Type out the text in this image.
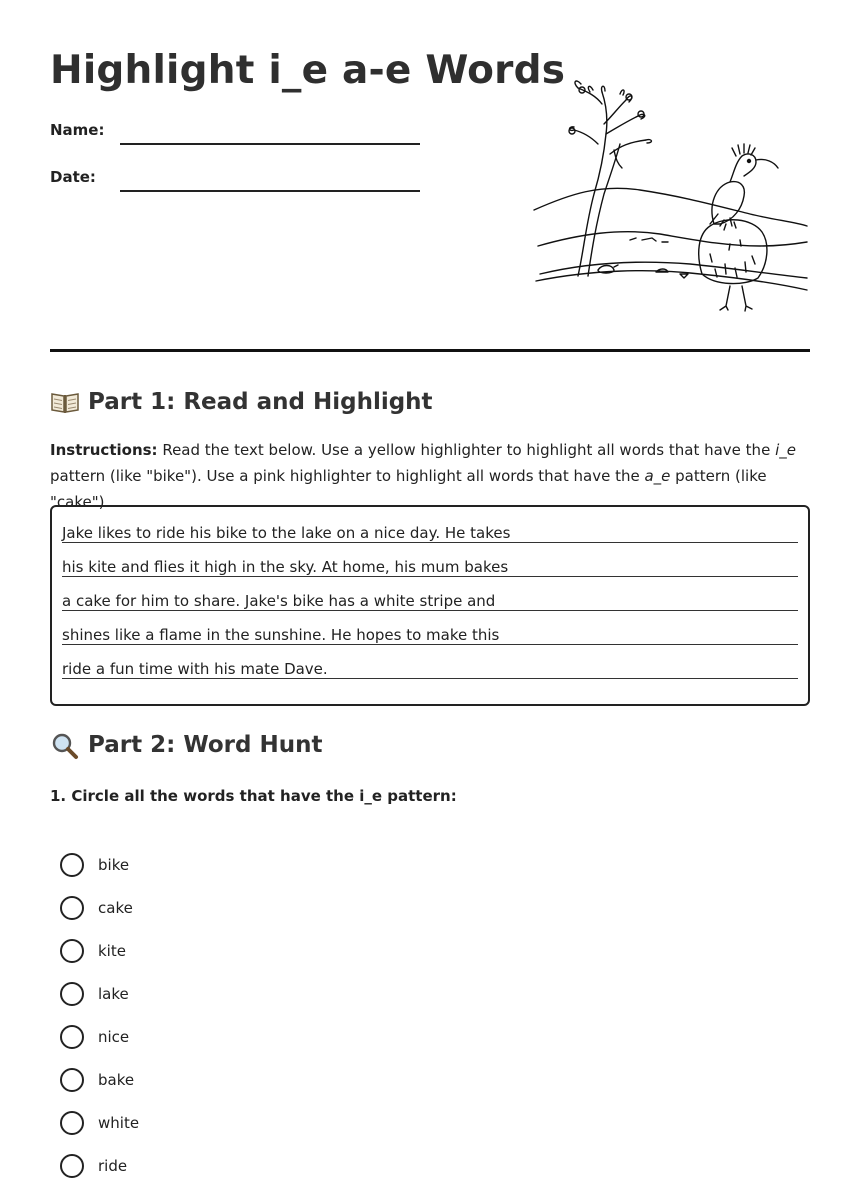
Highlight i_e a-e Words
Name:
Date:
Part 1: Read and Highlight
Instructions: Read the text below. Use a yellow highlighter to highlight all words that have the i_e pattern (like "bike"). Use a pink highlighter to highlight all words that have the a_e pattern (like "cake").
Jake likes to ride his bike to the lake on a nice day. He takes
his kite and flies it high in the sky. At home, his mum bakes
a cake for him to share. Jake's bike has a white stripe and
shines like a flame in the sunshine. He hopes to make this
ride a fun time with his mate Dave.
Part 2: Word Hunt
1. Circle all the words that have the i_e pattern:
bike
cake
kite
lake
nice
bake
white
ride
